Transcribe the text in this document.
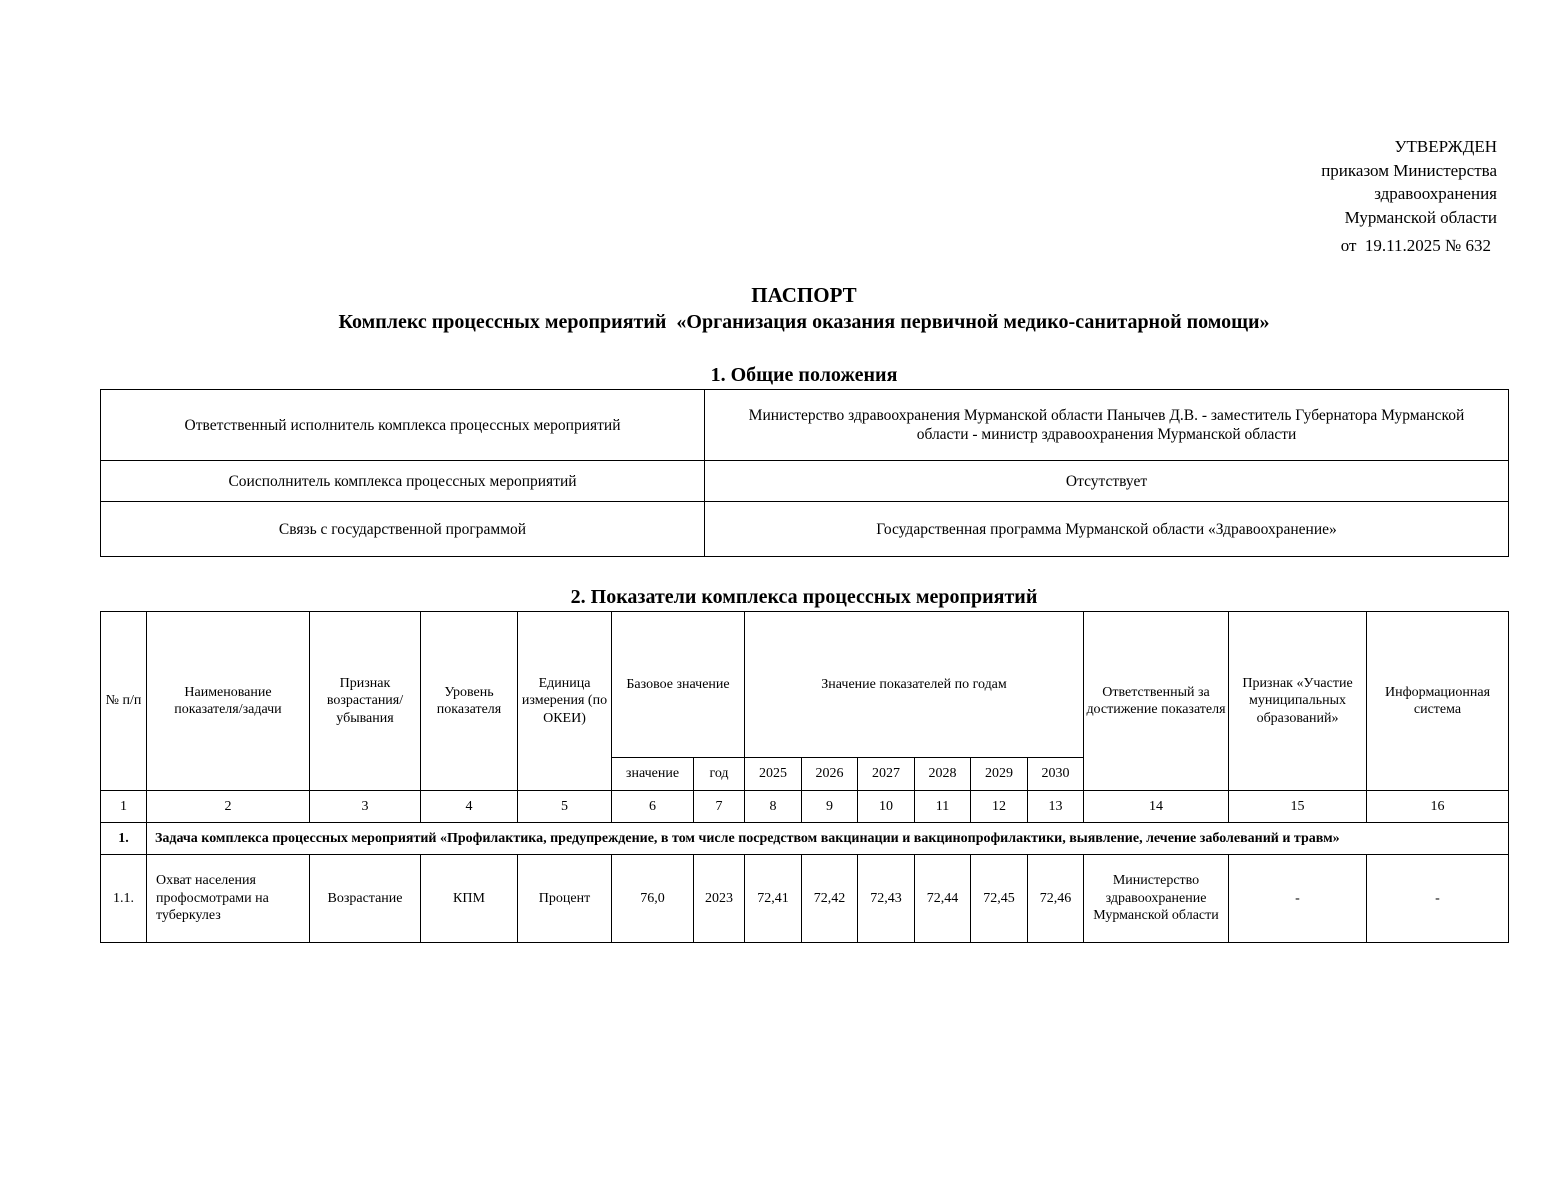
УТВЕРЖДЕН
приказом Министерства
здравоохранения
Мурманской области
от  19.11.2025 № 632
ПАСПОРТ
Комплекс процессных мероприятий  «Организация оказания первичной медико-санитарной помощи»
1. Общие положения
Ответственный исполнитель комплекса процессных мероприятий	Министерство здравоохранения Мурманской области Панычев Д.В. - заместитель Губернатора Мурманской области - министр здравоохранения Мурманской области
Соисполнитель комплекса процессных мероприятий	Отсутствует
Связь с государственной программой	Государственная программа Мурманской области «Здравоохранение»
2. Показатели комплекса процессных мероприятий
№ п/п	Наименование показателя/задачи	Признак возрастания/ убывания	Уровень показателя	Единица измерения (по ОКЕИ)	Базовое значение		Значение показателей по годам						Ответственный за достижение показателя	Признак «Участие муниципальных образований»	Информационная система
					значение	год	2025	2026	2027	2028	2029	2030			
1	2	3	4	5	6	7	8	9	10	11	12	13	14	15	16
1.	Задача комплекса процессных мероприятий «Профилактика, предупреждение, в том числе посредством вакцинации и вакцинопрофилактики, выявление, лечение заболеваний и травм»														
1.1.	Охват населения профосмотрами на туберкулез	Возрастание	КПМ	Процент	76,0	2023	72,41	72,42	72,43	72,44	72,45	72,46	Министерство здравоохранение Мурманской области	-	-
